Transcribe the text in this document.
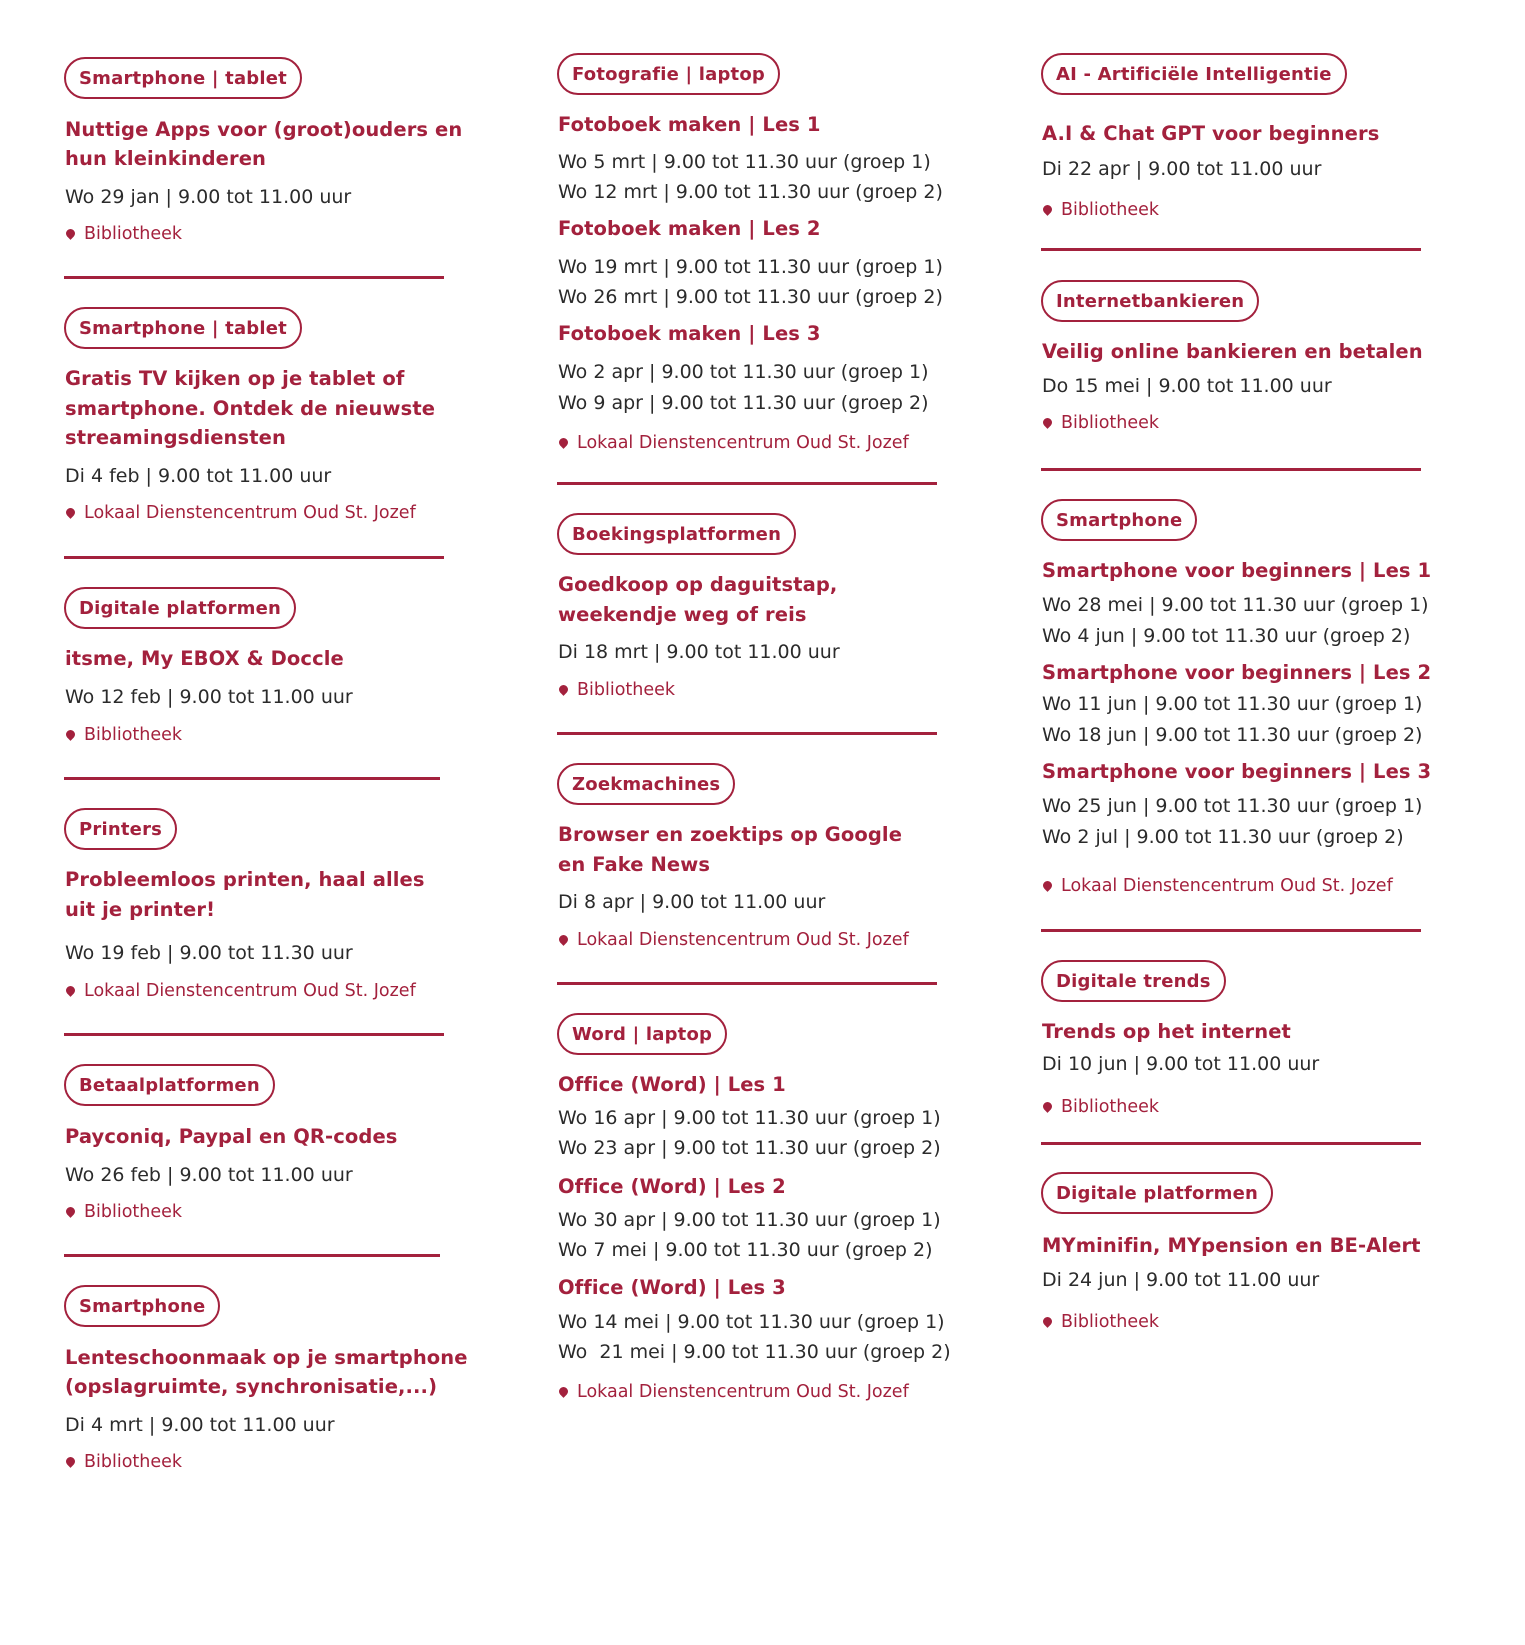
Smartphone | tablet
Nuttige Apps voor (groot)ouders en
hun kleinkinderen
Wo 29 jan | 9.00 tot 11.00 uur
Bibliotheek
Smartphone | tablet
Gratis TV kijken op je tablet of
smartphone. Ontdek de nieuwste
streamingsdiensten
Di 4 feb | 9.00 tot 11.00 uur
Lokaal Dienstencentrum Oud St. Jozef
Digitale platformen
itsme, My EBOX & Doccle
Wo 12 feb | 9.00 tot 11.00 uur
Bibliotheek
Printers
Probleemloos printen, haal alles
uit je printer!
Wo 19 feb | 9.00 tot 11.30 uur
Lokaal Dienstencentrum Oud St. Jozef
Betaalplatformen
Payconiq, Paypal en QR-codes
Wo 26 feb | 9.00 tot 11.00 uur
Bibliotheek
Smartphone
Lenteschoonmaak op je smartphone
(opslagruimte, synchronisatie,...)
Di 4 mrt | 9.00 tot 11.00 uur
Bibliotheek
Fotografie | laptop
Fotoboek maken | Les 1
Wo 5 mrt | 9.00 tot 11.30 uur (groep 1)
Wo 12 mrt | 9.00 tot 11.30 uur (groep 2)
Fotoboek maken | Les 2
Wo 19 mrt | 9.00 tot 11.30 uur (groep 1)
Wo 26 mrt | 9.00 tot 11.30 uur (groep 2)
Fotoboek maken | Les 3
Wo 2 apr | 9.00 tot 11.30 uur (groep 1)
Wo 9 apr | 9.00 tot 11.30 uur (groep 2)
Lokaal Dienstencentrum Oud St. Jozef
Boekingsplatformen
Goedkoop op daguitstap,
weekendje weg of reis
Di 18 mrt | 9.00 tot 11.00 uur
Bibliotheek
Zoekmachines
Browser en zoektips op Google
en Fake News
Di 8 apr | 9.00 tot 11.00 uur
Lokaal Dienstencentrum Oud St. Jozef
Word | laptop
Office (Word) | Les 1
Wo 16 apr | 9.00 tot 11.30 uur (groep 1)
Wo 23 apr | 9.00 tot 11.30 uur (groep 2)
Office (Word) | Les 2
Wo 30 apr | 9.00 tot 11.30 uur (groep 1)
Wo 7 mei | 9.00 tot 11.30 uur (groep 2)
Office (Word) | Les 3
Wo 14 mei | 9.00 tot 11.30 uur (groep 1)
Wo  21 mei | 9.00 tot 11.30 uur (groep 2)
Lokaal Dienstencentrum Oud St. Jozef
AI - Artificiële Intelligentie
A.I & Chat GPT voor beginners
Di 22 apr | 9.00 tot 11.00 uur
Bibliotheek
Internetbankieren
Veilig online bankieren en betalen
Do 15 mei | 9.00 tot 11.00 uur
Bibliotheek
Smartphone
Smartphone voor beginners | Les 1
Wo 28 mei | 9.00 tot 11.30 uur (groep 1)
Wo 4 jun | 9.00 tot 11.30 uur (groep 2)
Smartphone voor beginners | Les 2
Wo 11 jun | 9.00 tot 11.30 uur (groep 1)
Wo 18 jun | 9.00 tot 11.30 uur (groep 2)
Smartphone voor beginners | Les 3
Wo 25 jun | 9.00 tot 11.30 uur (groep 1)
Wo 2 jul | 9.00 tot 11.30 uur (groep 2)
Lokaal Dienstencentrum Oud St. Jozef
Digitale trends
Trends op het internet
Di 10 jun | 9.00 tot 11.00 uur
Bibliotheek
Digitale platformen
MYminifin, MYpension en BE-Alert
Di 24 jun | 9.00 tot 11.00 uur
Bibliotheek
